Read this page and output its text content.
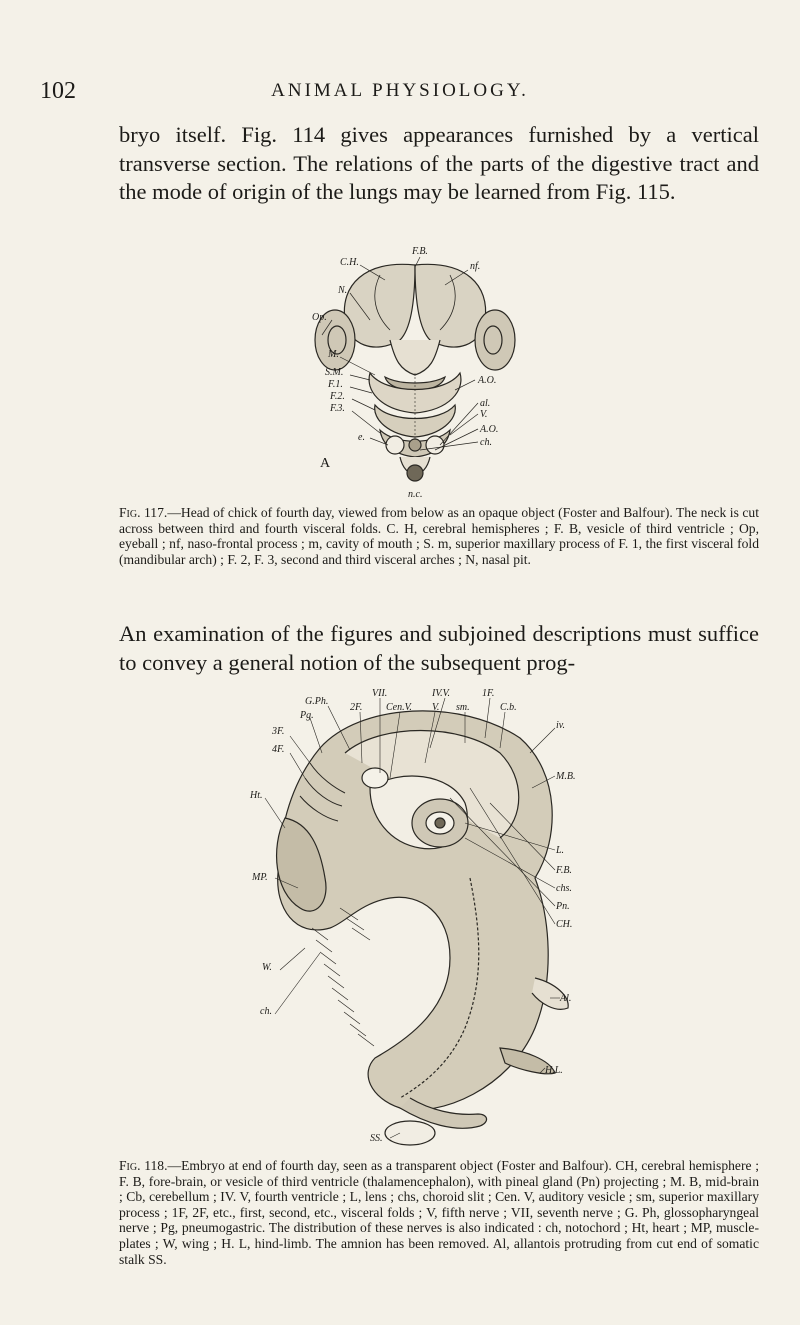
102	ANIMAL PHYSIOLOGY.

bryo itself. Fig. 114 gives appearances furnished by a vertical transverse section. The relations of the parts of the digestive tract and the mode of origin of the lungs may be learned from Fig. 115.

F.B.
C.H.	nf.
N.
Op.
M.
S.M.
F.1.
F.2.
F.3.
A.O.
al.
V.
A.O.
ch.
e.
A
n.c.

Fig. 117.—Head of chick of fourth day, viewed from below as an opaque object (Foster and Balfour). The neck is cut across between third and fourth visceral folds. C. H, cerebral hemispheres ; F. B, vesicle of third ventricle ; Op, eyeball ; nf, naso-frontal process ; m, cavity of mouth ; S. m, superior maxillary process of F. 1, the first visceral fold (mandibular arch) ; F. 2, F. 3, second and third visceral arches ; N, nasal pit.

An examination of the figures and subjoined descriptions must suffice to convey a general notion of the subsequent prog-

G.Ph.
VII.	IV.V.	1F.
Pg.
2F. Cen.V. V. sm.	C.b.
3F.
iv.
4F.
M.B.
Ht.
L.
F.B.
chs.
MP.
Pn.
CH.
W.
ch.
Al.
H.L.
SS.

Fig. 118.—Embryo at end of fourth day, seen as a transparent object (Foster and Balfour). CH, cerebral hemisphere ; F. B, fore-brain, or vesicle of third ventricle (thalamencephalon), with pineal gland (Pn) projecting ; M. B, mid-brain ; Cb, cerebellum ; IV. V, fourth ventricle ; L, lens ; chs, choroid slit ; Cen. V, auditory vesicle ; sm, superior maxillary process ; 1F, 2F, etc., first, second, etc., visceral folds ; V, fifth nerve ; VII, seventh nerve ; G. Ph, glossopharyngeal nerve ; Pg, pneumogastric. The distribution of these nerves is also indicated : ch, notochord ; Ht, heart ; MP, muscle-plates ; W, wing ; H. L, hind-limb. The amnion has been removed. Al, allantois protruding from cut end of somatic stalk SS.
